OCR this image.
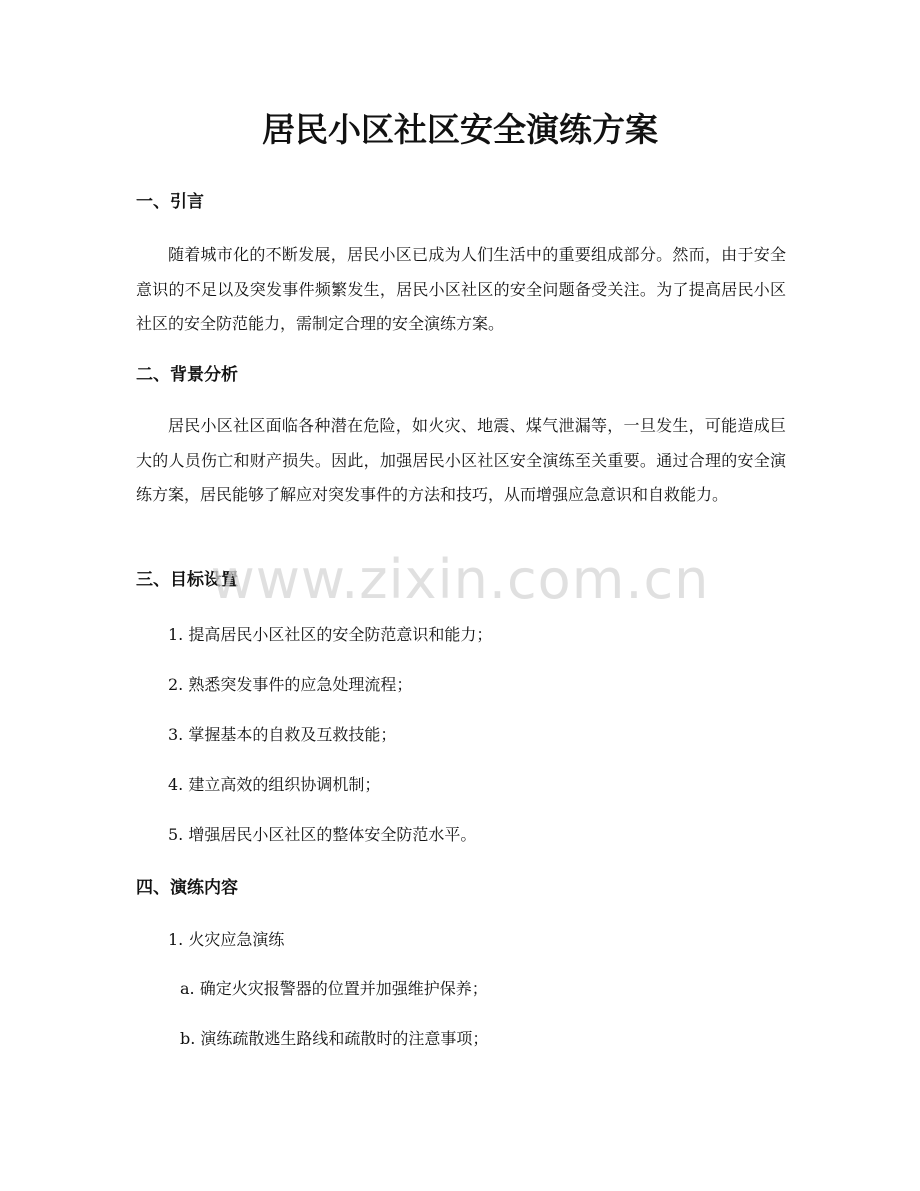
居民小区社区安全演练方案
一、引言

随着城市化的不断发展，居民小区已成为人们生活中的重要组成部分。然而，由于安全意识的不足以及突发事件频繁发生，居民小区社区的安全问题备受关注。为了提高居民小区社区的安全防范能力，需制定合理的安全演练方案。

二、背景分析

居民小区社区面临各种潜在危险，如火灾、地震、煤气泄漏等，一旦发生，可能造成巨大的人员伤亡和财产损失。因此，加强居民小区社区安全演练至关重要。通过合理的安全演练方案，居民能够了解应对突发事件的方法和技巧，从而增强应急意识和自救能力。

三、目标设置

1. 提高居民小区社区的安全防范意识和能力；

2. 熟悉突发事件的应急处理流程；

3. 掌握基本的自救及互救技能；

4. 建立高效的组织协调机制；

5. 增强居民小区社区的整体安全防范水平。

四、演练内容

1. 火灾应急演练

a. 确定火灾报警器的位置并加强维护保养；

b. 演练疏散逃生路线和疏散时的注意事项；

www.zixin.com.cn
